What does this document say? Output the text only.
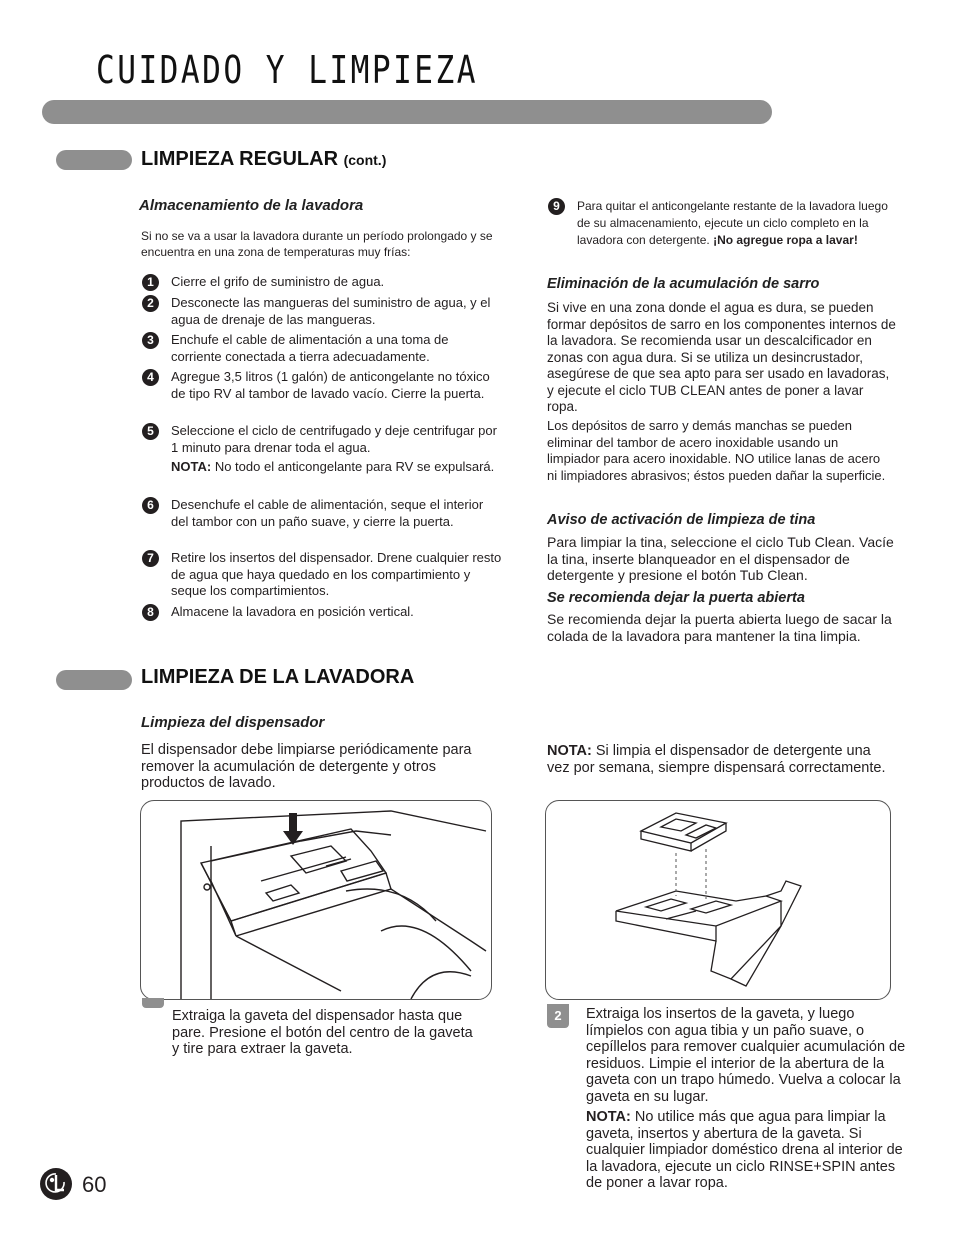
CUIDADO Y LIMPIEZA
LIMPIEZA REGULAR (cont.)
Almacenamiento de la lavadora
Si no se va a usar la lavadora durante un período prolongado y se encuentra en una zona de temperaturas muy frías:
1	Cierre el grifo de suministro de agua.
2	Desconecte las mangueras del suministro de agua, y el agua de drenaje de las mangueras.
3	Enchufe el cable de alimentación a una toma de corriente conectada a tierra adecuadamente.
4	Agregue 3,5 litros (1 galón) de anticongelante no tóxico de tipo RV al tambor de lavado vacío. Cierre la puerta.
5	Seleccione el ciclo de centrifugado y deje centrifugar por 1 minuto para drenar toda el agua.
NOTA: No todo el anticongelante para RV se expulsará.
6	Desenchufe el cable de alimentación, seque el interior del tambor con un paño suave, y cierre la puerta.
7	Retire los insertos del dispensador. Drene cualquier resto de agua que haya quedado en los compartimiento y seque los compartimientos.
8	Almacene la lavadora en posición vertical.
9	Para quitar el anticongelante restante de la lavadora luego de su almacenamiento, ejecute un ciclo completo en la lavadora con detergente. ¡No agregue ropa a lavar!
Eliminación de la acumulación de sarro
Si vive en una zona donde el agua es dura, se pueden formar depósitos de sarro en los componentes internos de la lavadora. Se recomienda usar un descalcificador en zonas con agua dura. Si se utiliza un desincrustador, asegúrese de que sea apto para ser usado en lavadoras, y ejecute el ciclo TUB CLEAN antes de poner a lavar ropa.
Los depósitos de sarro y demás manchas se pueden eliminar del tambor de acero inoxidable usando un limpiador para acero inoxidable. NO utilice lanas de acero ni limpiadores abrasivos; éstos pueden dañar la superficie.
Aviso de activación de limpieza de tina
Para limpiar la tina, seleccione el ciclo Tub Clean. Vacíe la tina, inserte blanqueador en el dispensador de detergente y presione el botón Tub Clean.
Se recomienda dejar la puerta abierta
Se recomienda dejar la puerta abierta luego de sacar la colada de la lavadora para mantener la tina limpia.
LIMPIEZA DE LA LAVADORA
Limpieza del dispensador
El dispensador debe limpiarse periódicamente para remover la acumulación de detergente y otros productos de lavado.
NOTA: Si limpia el dispensador de detergente una vez por semana, siempre dispensará correctamente.
Extraiga la gaveta del dispensador hasta que pare. Presione el botón del centro de la gaveta y tire para extraer la gaveta.
2	Extraiga los insertos de la gaveta, y luego límpielos con agua tibia y un paño suave, o cepíllelos para remover cualquier acumulación de residuos. Limpie el interior de la abertura de la gaveta con un trapo húmedo. Vuelva a colocar la gaveta en su lugar.
NOTA: No utilice más que agua para limpiar la gaveta, insertos y abertura de la gaveta. Si cualquier limpiador doméstico drena al interior de la lavadora, ejecute un ciclo RINSE+SPIN antes de poner a lavar ropa.
60
